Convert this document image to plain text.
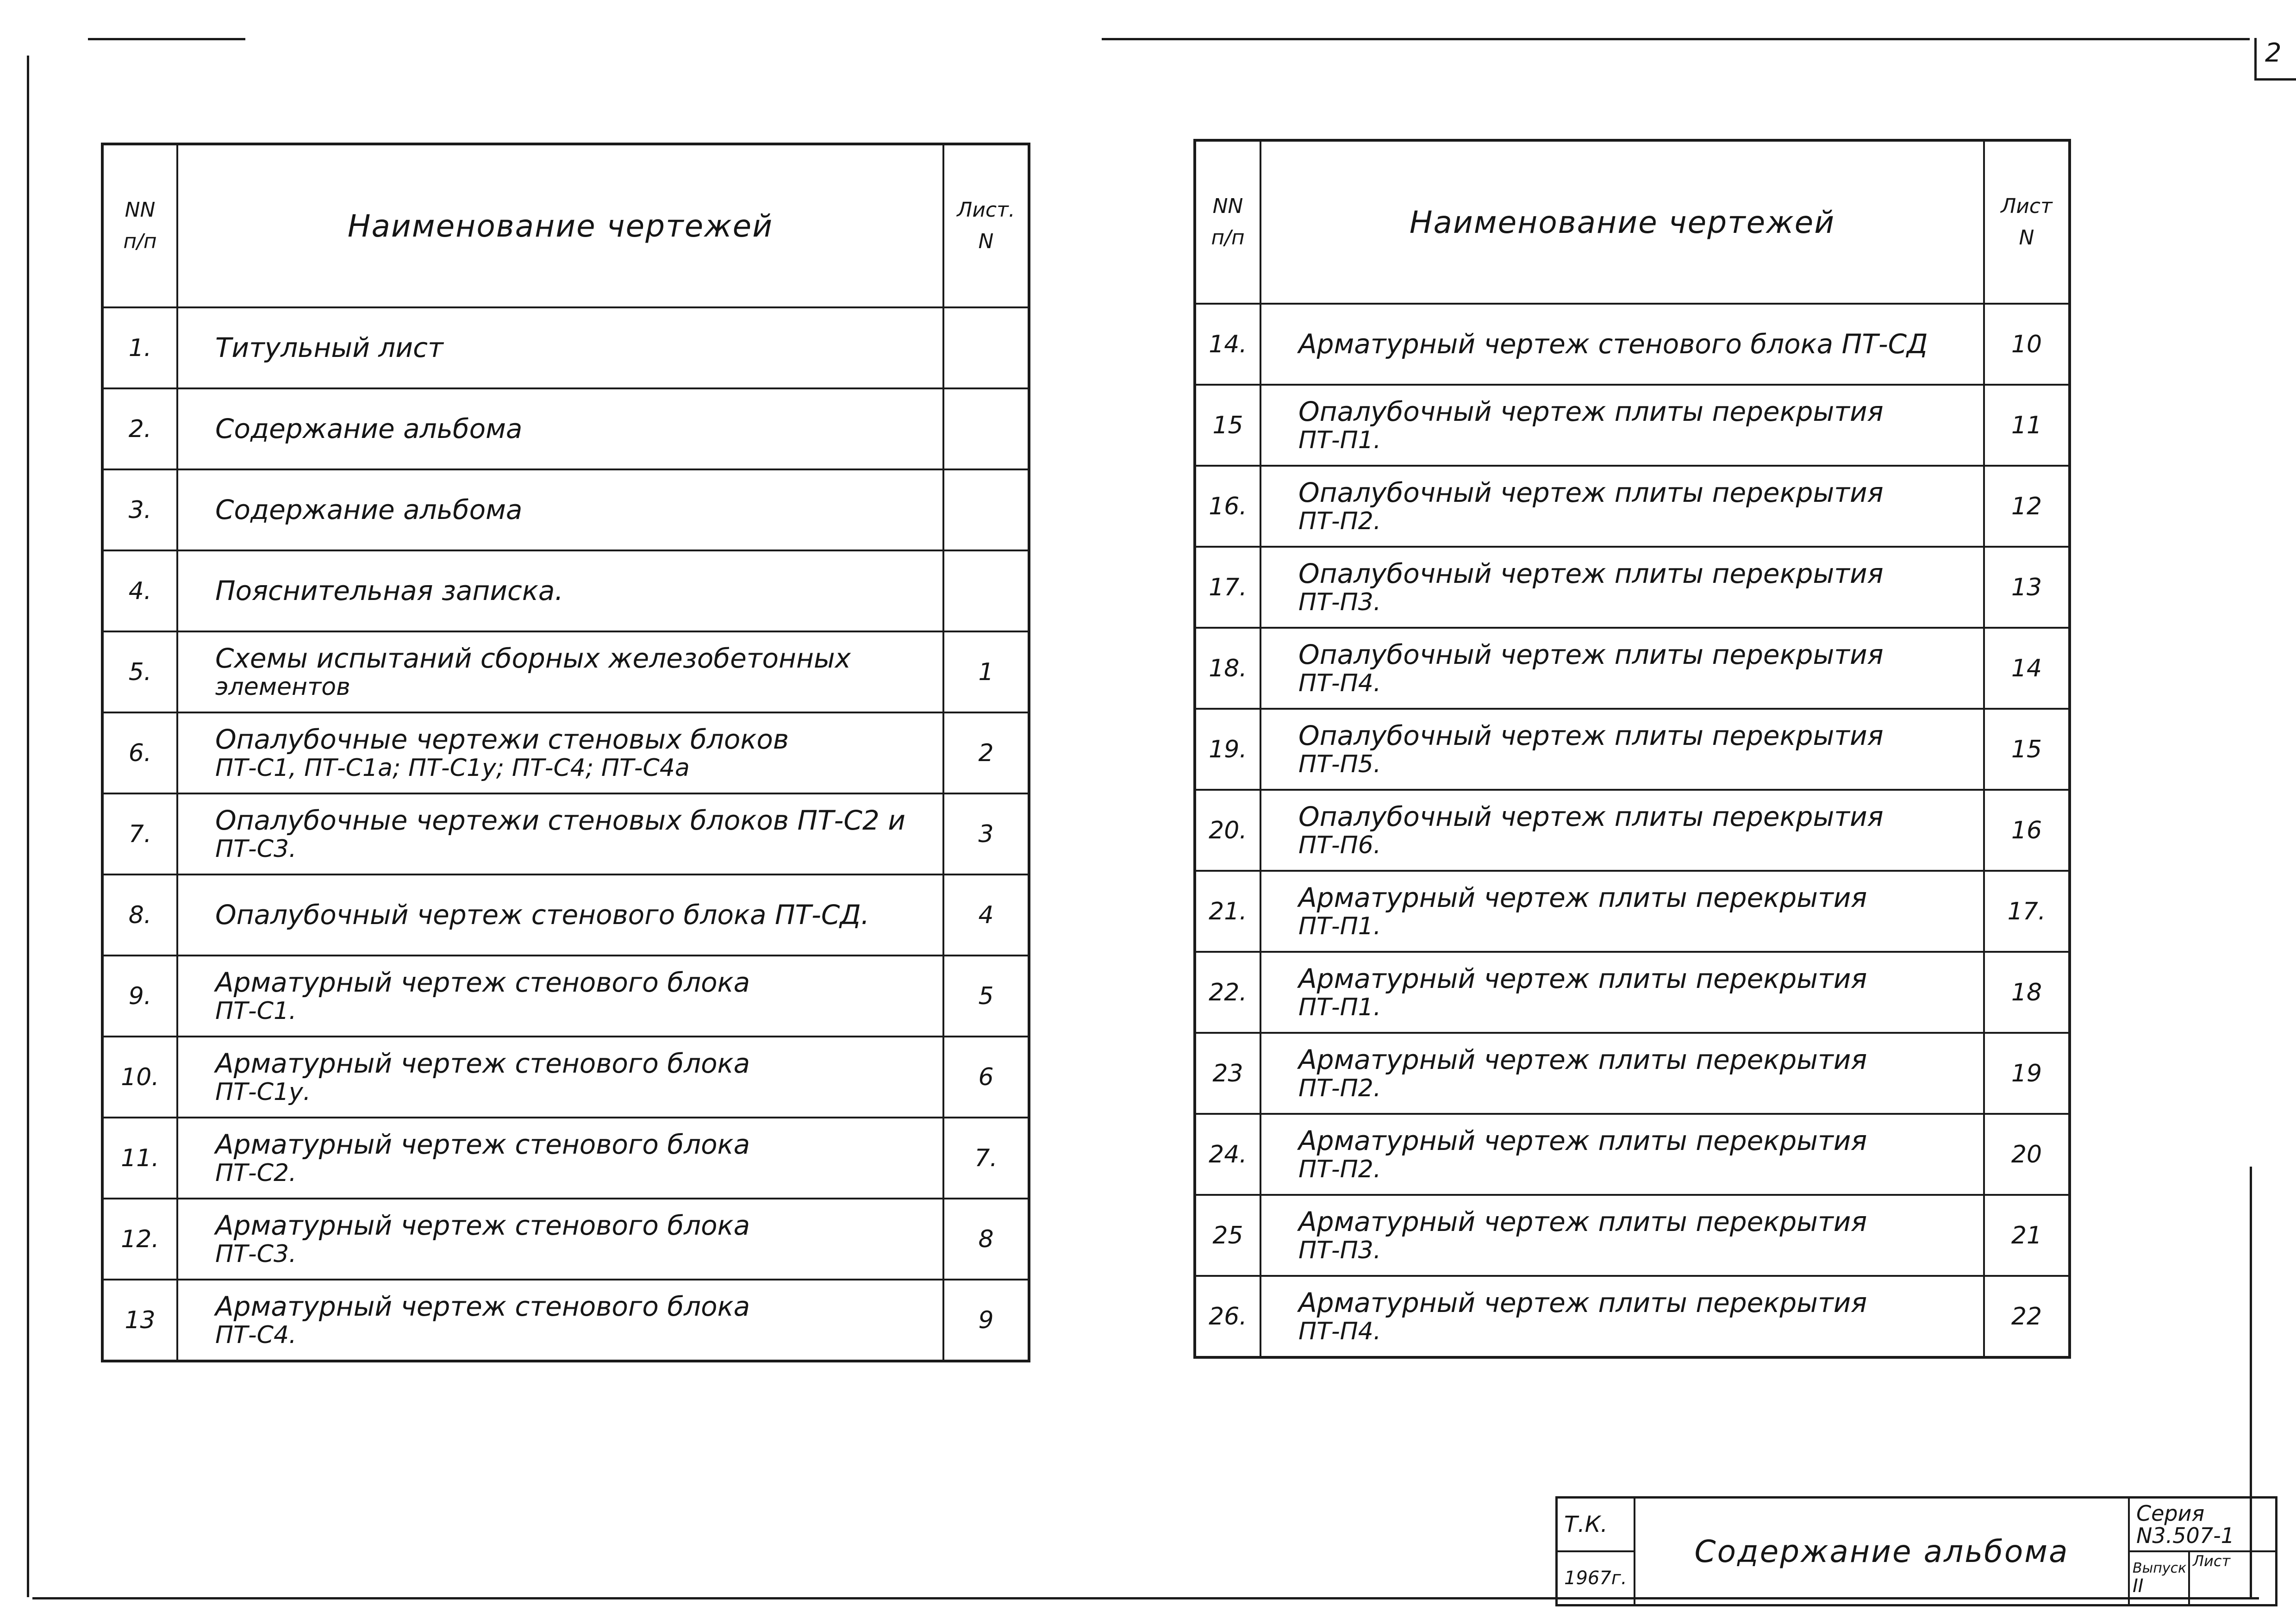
2
NN
п/п	Наименование чертежей	Лист.
N

1.	Титульный лист	

2.	Содержание альбома	

3.	Содержание альбома	

4.	Пояснительная записка.	

5.	Схемы испытаний сборных железобетонных
элементов	1
6.	Опалубочные чертежи стеновых блоков
ПТ-С1, ПТ-С1а; ПТ-С1у; ПТ-С4; ПТ-С4а	2
7.	Опалубочные чертежи стеновых блоков ПТ-С2 и
ПТ-С3.	3
8.	Опалубочный чертеж стенового блока ПТ-СД.	4
9.	Арматурный чертеж стенового блока
ПТ-С1.	5
10.	Арматурный чертеж стенового блока
ПТ-С1у.	6
11.	Арматурный чертеж стенового блока
ПТ-С2.	7.
12.	Арматурный чертеж стенового блока
ПТ-С3.	8
13	Арматурный чертеж стенового блока
ПТ-С4.	9
NN
п/п	Наименование чертежей	Лист
N

14.	Арматурный чертеж стенового блока ПТ-СД	10
15	Опалубочный чертеж плиты перекрытия
ПТ-П1.	11
16.	Опалубочный чертеж плиты перекрытия
ПТ-П2.	12
17.	Опалубочный чертеж плиты перекрытия
ПТ-П3.	13
18.	Опалубочный чертеж плиты перекрытия
ПТ-П4.	14
19.	Опалубочный чертеж плиты перекрытия
ПТ-П5.	15
20.	Опалубочный чертеж плиты перекрытия
ПТ-П6.	16
21.	Арматурный чертеж плиты перекрытия
ПТ-П1.	17.
22.	Арматурный чертеж плиты перекрытия
ПТ-П1.	18
23	Арматурный чертеж плиты перекрытия
ПТ-П2.	19
24.	Арматурный чертеж плиты перекрытия
ПТ-П2.	20
25	Арматурный чертеж плиты перекрытия
ПТ-П3.	21
26.	Арматурный чертеж плиты перекрытия
ПТ-П4.	22
Т.К.	Содержание альбома	Серия
N3.507-1	

1967г.		Выпуск
II	Лист
